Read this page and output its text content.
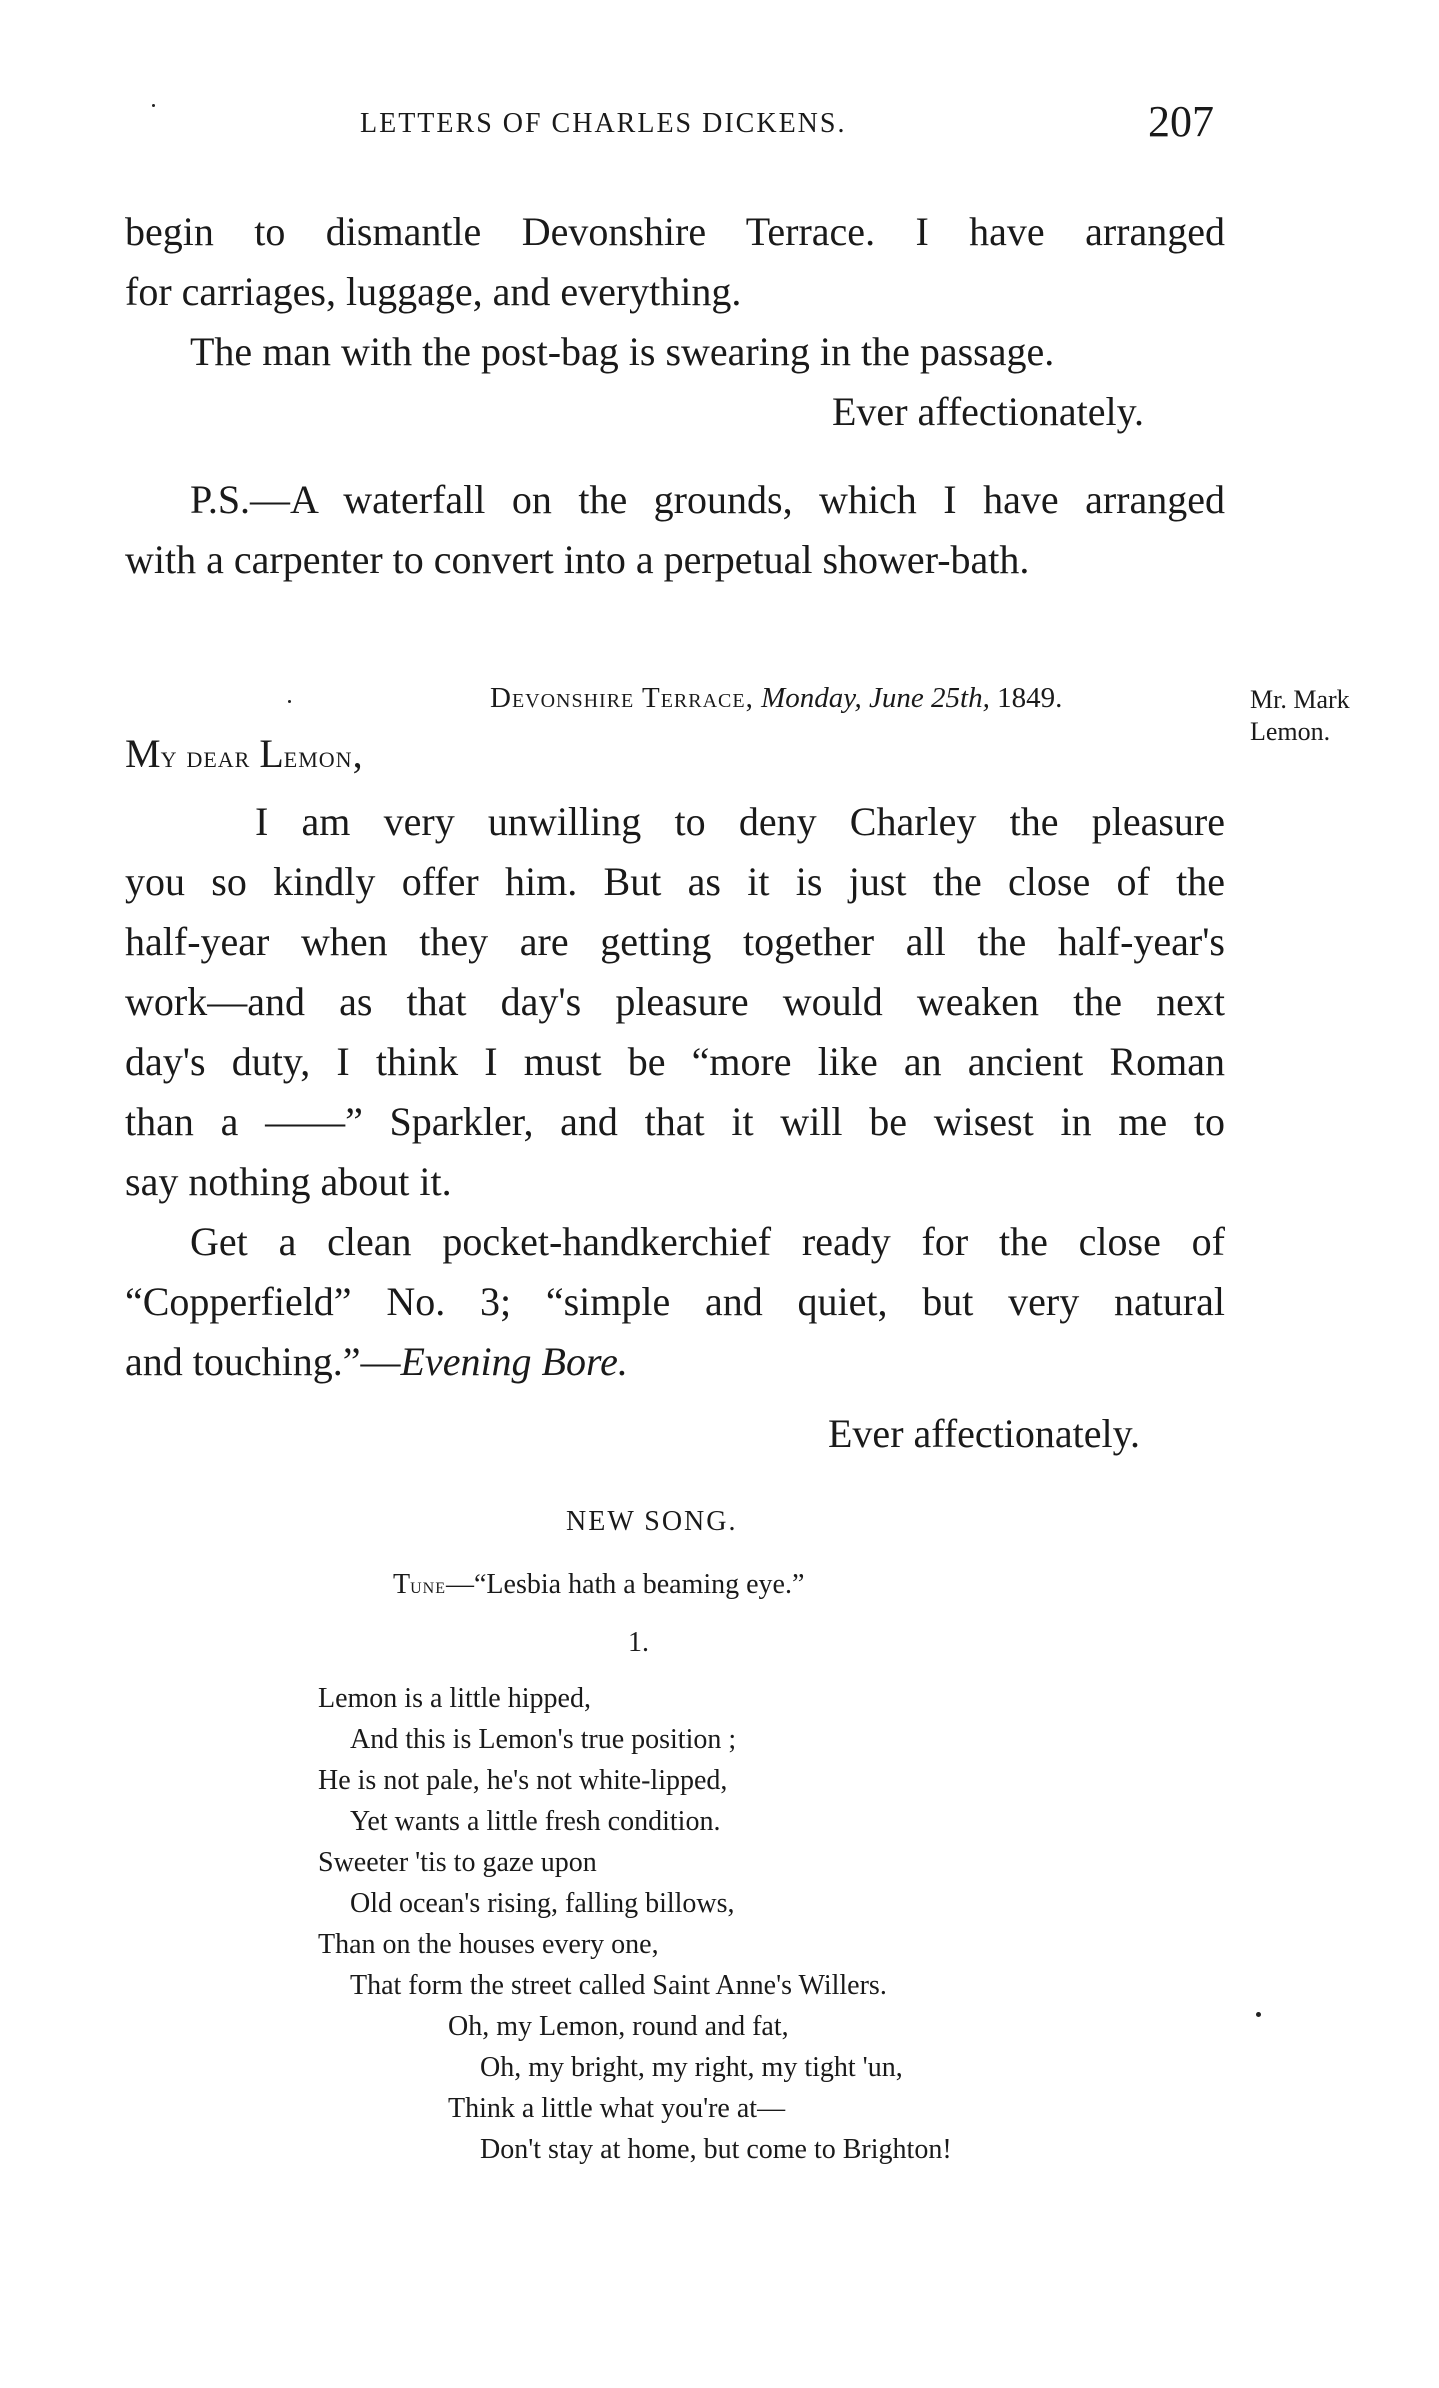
LETTERS OF CHARLES DICKENS.	207
begin to dismantle Devonshire Terrace. I have arranged
for carriages, luggage, and everything.
The man with the post-bag is swearing in the passage.
Ever affectionately.
P.S.—A waterfall on the grounds, which I have arranged
with a carpenter to convert into a perpetual shower-bath.
Devonshire Terrace, Monday, June 25th, 1849.	Mr. Mark
Lemon.
My dear Lemon,
I am very unwilling to deny Charley the pleasure
you so kindly offer him. But as it is just the close of the
half-year when they are getting together all the half-year's
work—and as that day's pleasure would weaken the next
day's duty, I think I must be “more like an ancient Roman
than a ——” Sparkler, and that it will be wisest in me to
say nothing about it.
Get a clean pocket-handkerchief ready for the close of
“Copperfield” No. 3; “simple and quiet, but very natural
and touching.”—Evening Bore.
Ever affectionately.
NEW SONG.
Tune—“Lesbia hath a beaming eye.”
1.
Lemon is a little hipped,
And this is Lemon's true position ;
He is not pale, he's not white-lipped,
Yet wants a little fresh condition.
Sweeter 'tis to gaze upon
Old ocean's rising, falling billows,
Than on the houses every one,
That form the street called Saint Anne's Willers.
Oh, my Lemon, round and fat,
Oh, my bright, my right, my tight 'un,
Think a little what you're at—
Don't stay at home, but come to Brighton!
